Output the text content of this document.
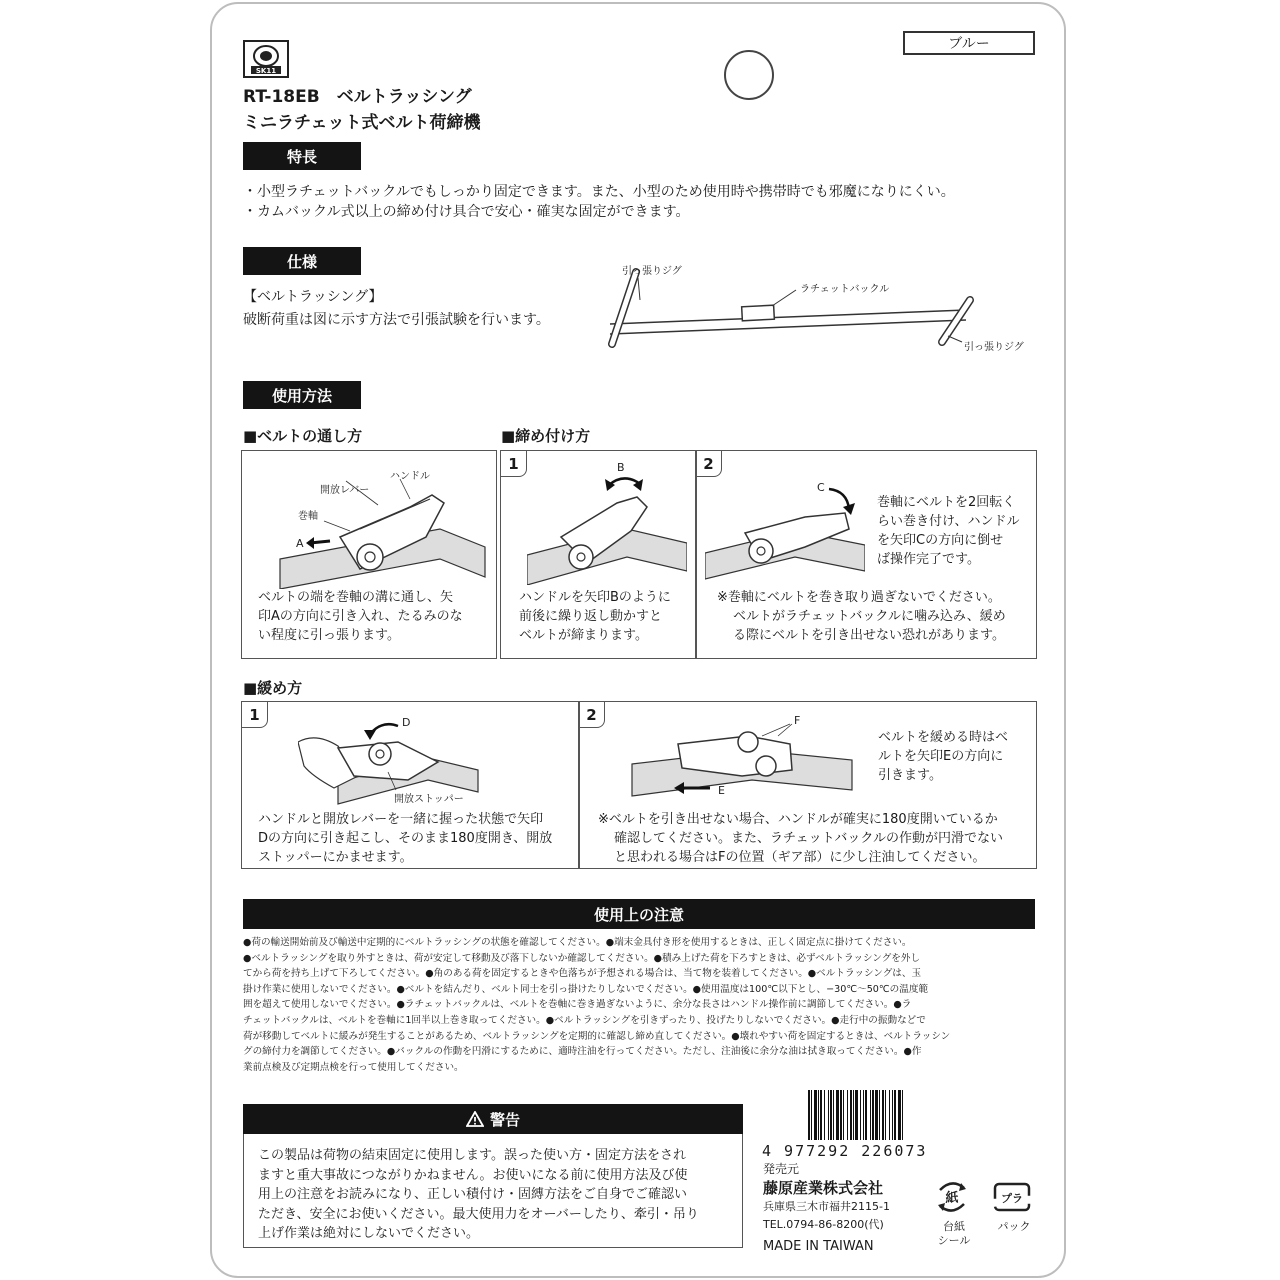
SK11
ブルー
RT-18EB　ベルトラッシング
ミニラチェット式ベルト荷締機
特長
・小型ラチェットバックルでもしっかり固定できます。また、小型のため使用時や携帯時でも邪魔になりにくい。
・カムバックル式以上の締め付け具合で安心・確実な固定ができます。
仕様
【ベルトラッシング】
破断荷重は図に示す方法で引張試験を行います。
引っ張りジグ
ラチェットバックル
引っ張りジグ
使用方法
■ベルトの通し方	■締め付け方
開放レバー
ハンドル
巻軸
A
ベルトの端を巻軸の溝に通し、矢
印Aの方向に引き入れ、たるみのな
い程度に引っ張ります。
1	B
ハンドルを矢印Bのように
前後に繰り返し動かすと
ベルトが締まります。
2
C
巻軸にベルトを2回転く
らい巻き付け、ハンドル
を矢印Cの方向に倒せ
ば操作完了です。
※巻軸にベルトを巻き取り過ぎないでください。
ベルトがラチェットバックルに噛み込み、緩め
る際にベルトを引き出せない恐れがあります。
■緩め方
1	D
開放ストッパー
ハンドルと開放レバーを一緒に握った状態で矢印
Dの方向に引き起こし、そのまま180度開き、開放
ストッパーにかませます。
2	F
E
ベルトを緩める時はベ
ルトを矢印Eの方向に
引きます。
※ベルトを引き出せない場合、ハンドルが確実に180度開いているか
確認してください。また、ラチェットバックルの作動が円滑でない
と思われる場合はFの位置（ギア部）に少し注油してください。
使用上の注意
●荷の輸送開始前及び輸送中定期的にベルトラッシングの状態を確認してください。●端末金具付き形を使用するときは、正しく固定点に掛けてください。
●ベルトラッシングを取り外すときは、荷が安定して移動及び落下しないか確認してください。●積み上げた荷を下ろすときは、必ずベルトラッシングを外し
てから荷を持ち上げて下ろしてください。●角のある荷を固定するときや色落ちが予想される場合は、当て物を装着してください。●ベルトラッシングは、玉
掛け作業に使用しないでください。●ベルトを結んだり、ベルト同士を引っ掛けたりしないでください。●使用温度は100℃以下とし、−30℃〜50℃の温度範
囲を超えて使用しないでください。●ラチェットバックルは、ベルトを巻軸に巻き過ぎないように、余分な長さはハンドル操作前に調節してください。●ラ
チェットバックルは、ベルトを巻軸に1回半以上巻き取ってください。●ベルトラッシングを引きずったり、投げたりしないでください。●走行中の振動などで
荷が移動してベルトに緩みが発生することがあるため、ベルトラッシングを定期的に確認し締め直してください。●壊れやすい荷を固定するときは、ベルトラッシン
グの締付力を調節してください。●バックルの作動を円滑にするために、適時注油を行ってください。ただし、注油後に余分な油は拭き取ってください。●作
業前点検及び定期点検を行って使用してください。
警告
この製品は荷物の結束固定に使用します。誤った使い方・固定方法をされ
ますと重大事故につながりかねません。お使いになる前に使用方法及び使
用上の注意をお読みになり、正しい積付け・固縛方法をご自身でご確認い
ただき、安全にお使いください。最大使用力をオーバーしたり、牽引・吊り
上げ作業は絶対にしないでください。
4 977292 226073
発売元
藤原産業株式会社
兵庫県三木市福井2115-1
TEL.0794-86-8200(代)
MADE IN TAIWAN
紙
台紙
シール
プラ
パック
